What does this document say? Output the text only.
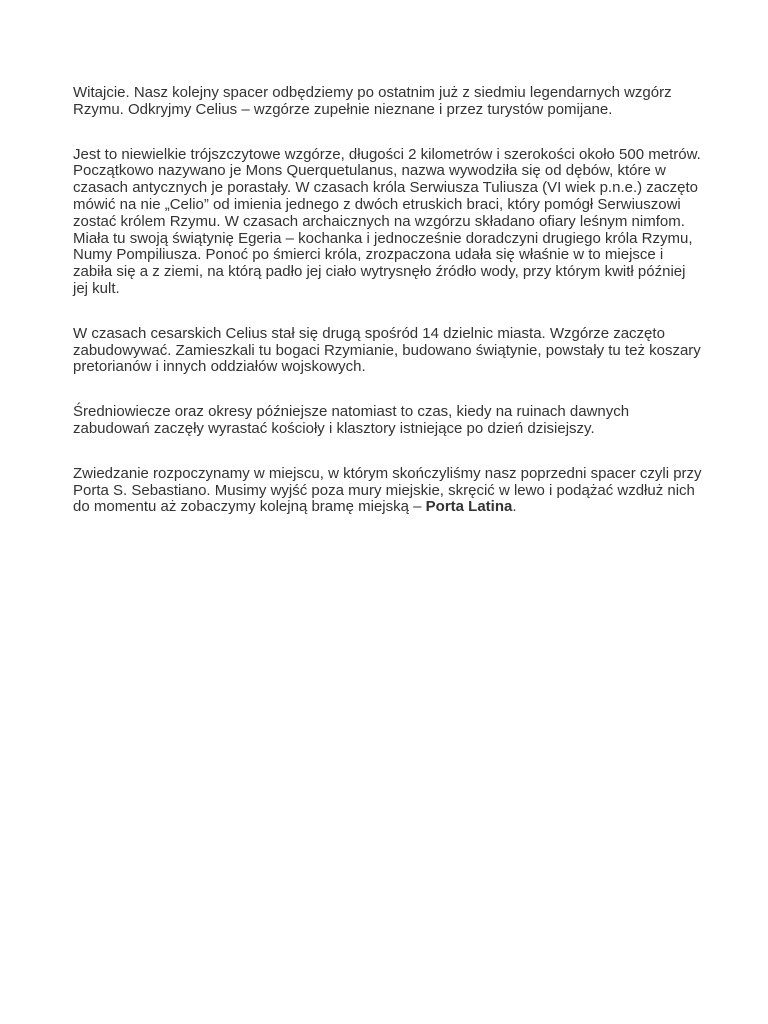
Witajcie. Nasz kolejny spacer odbędziemy po ostatnim już z siedmiu legendarnych wzgórz Rzymu. Odkryjmy Celius – wzgórze zupełnie nieznane i przez turystów pomijane.

Jest to niewielkie trójszczytowe wzgórze, długości 2 kilometrów i szerokości około 500 metrów. Początkowo nazywano je Mons Querquetulanus, nazwa wywodziła się od dębów, które w czasach antycznych je porastały. W czasach króla Serwiusza Tuliusza (VI wiek p.n.e.) zaczęto mówić na nie „Celio” od imienia jednego z dwóch etruskich braci, który pomógł Serwiuszowi zostać królem Rzymu. W czasach archaicznych na wzgórzu składano ofiary leśnym nimfom. Miała tu swoją świątynię Egeria – kochanka i jednocześnie doradczyni drugiego króla Rzymu, Numy Pompiliusza. Ponoć po śmierci króla, zrozpaczona udała się właśnie w to miejsce i zabiła się a z ziemi, na którą padło jej ciało wytrysnęło źródło wody, przy którym kwitł później jej kult.

W czasach cesarskich Celius stał się drugą spośród 14 dzielnic miasta. Wzgórze zaczęto zabudowywać. Zamieszkali tu bogaci Rzymianie, budowano świątynie, powstały tu też koszary pretorianów i innych oddziałów wojskowych.

Średniowiecze oraz okresy późniejsze natomiast to czas, kiedy na ruinach dawnych zabudowań zaczęły wyrastać kościoły i klasztory istniejące po dzień dzisiejszy.

Zwiedzanie rozpoczynamy w miejscu, w którym skończyliśmy nasz poprzedni spacer czyli przy Porta S. Sebastiano. Musimy wyjść poza mury miejskie, skręcić w lewo i podążać wzdłuż nich do momentu aż zobaczymy kolejną bramę miejską – Porta Latina.
